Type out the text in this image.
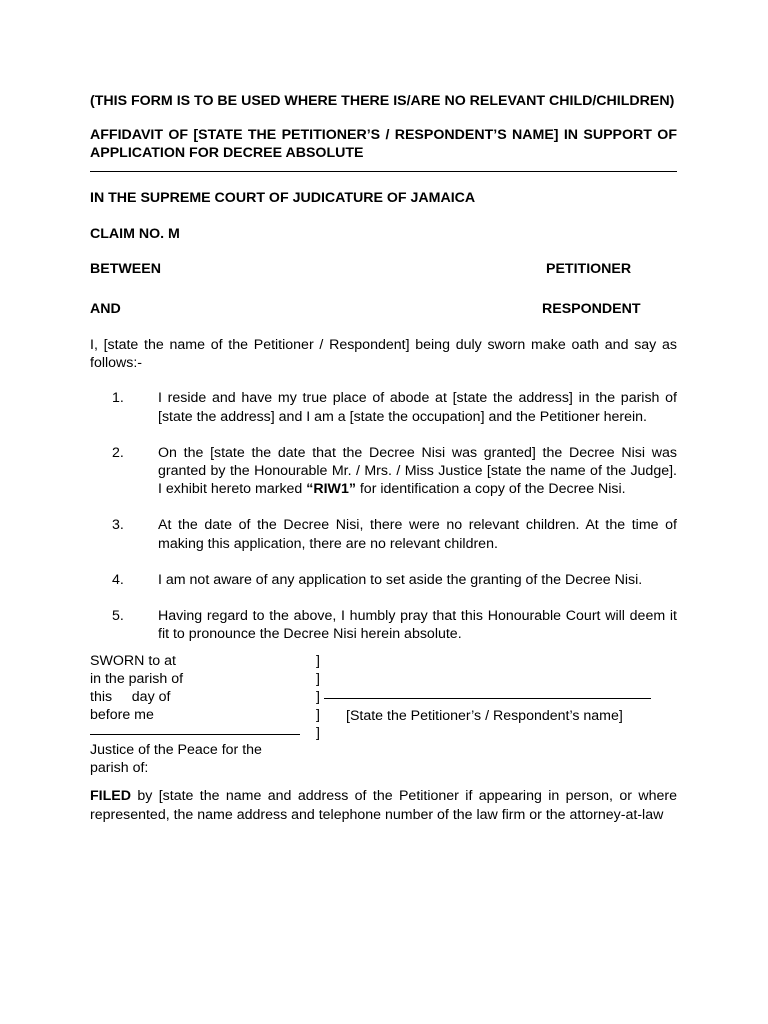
(THIS FORM IS TO BE USED WHERE THERE IS/ARE NO RELEVANT CHILD/CHILDREN)
AFFIDAVIT OF [STATE THE PETITIONER’S / RESPONDENT’S NAME] IN SUPPORT OF APPLICATION FOR DECREE ABSOLUTE
IN THE SUPREME COURT OF JUDICATURE OF JAMAICA
CLAIM NO. M
BETWEEN	PETITIONER
AND	RESPONDENT
I, [state the name of the Petitioner / Respondent] being duly sworn make oath and say as follows:-
1. I reside and have my true place of abode at [state the address] in the parish of [state the address] and I am a [state the occupation] and the Petitioner herein.
2. On the [state the date that the Decree Nisi was granted] the Decree Nisi was granted by the Honourable Mr. / Mrs. / Miss Justice [state the name of the Judge]. I exhibit hereto marked “RIW1” for identification a copy of the Decree Nisi.
3. At the date of the Decree Nisi, there were no relevant children. At the time of making this application, there are no relevant children.
4. I am not aware of any application to set aside the granting of the Decree Nisi.
5. Having regard to the above, I humbly pray that this Honourable Court will deem it fit to pronounce the Decree Nisi herein absolute.
SWORN to at
in the parish of
this     day of
before me
]
]
]
]
]
[State the Petitioner’s / Respondent’s name]
Justice of the Peace for the
parish of:
FILED by [state the name and address of the Petitioner if appearing in person, or where represented, the name address and telephone number of the law firm or the attorney-at-law
